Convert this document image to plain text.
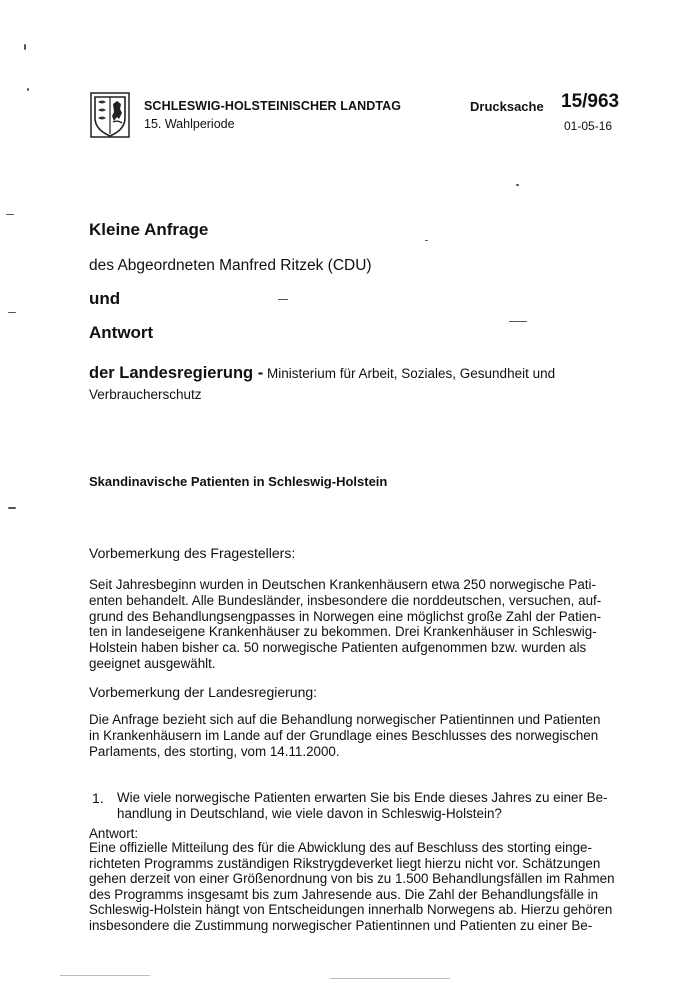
SCHLESWIG-HOLSTEINISCHER LANDTAG
15. Wahlperiode
Drucksache 15/963
01-05-16
Kleine Anfrage
des Abgeordneten Manfred Ritzek (CDU)
und
Antwort
der Landesregierung - Ministerium für Arbeit, Soziales, Gesundheit und
Verbraucherschutz
Skandinavische Patienten in Schleswig-Holstein
Vorbemerkung des Fragestellers:
Seit Jahresbeginn wurden in Deutschen Krankenhäusern etwa 250 norwegische Pati-
enten behandelt. Alle Bundesländer, insbesondere die norddeutschen, versuchen, auf-
grund des Behandlungsengpasses in Norwegen eine möglichst große Zahl der Patien-
ten in landeseigene Krankenhäuser zu bekommen. Drei Krankenhäuser in Schleswig-
Holstein haben bisher ca. 50 norwegische Patienten aufgenommen bzw. wurden als
geeignet ausgewählt.
Vorbemerkung der Landesregierung:
Die Anfrage bezieht sich auf die Behandlung norwegischer Patientinnen und Patienten
in Krankenhäusern im Lande auf der Grundlage eines Beschlusses des norwegischen
Parlaments, des storting, vom 14.11.2000.
1. Wie viele norwegische Patienten erwarten Sie bis Ende dieses Jahres zu einer Be-
handlung in Deutschland, wie viele davon in Schleswig-Holstein?
Antwort:
Eine offizielle Mitteilung des für die Abwicklung des auf Beschluss des storting einge-
richteten Programms zuständigen Rikstrygdeverket liegt hierzu nicht vor. Schätzungen
gehen derzeit von einer Größenordnung von bis zu 1.500 Behandlungsfällen im Rahmen
des Programms insgesamt bis zum Jahresende aus. Die Zahl der Behandlungsfälle in
Schleswig-Holstein hängt von Entscheidungen innerhalb Norwegens ab. Hierzu gehören
insbesondere die Zustimmung norwegischer Patientinnen und Patienten zu einer Be-
